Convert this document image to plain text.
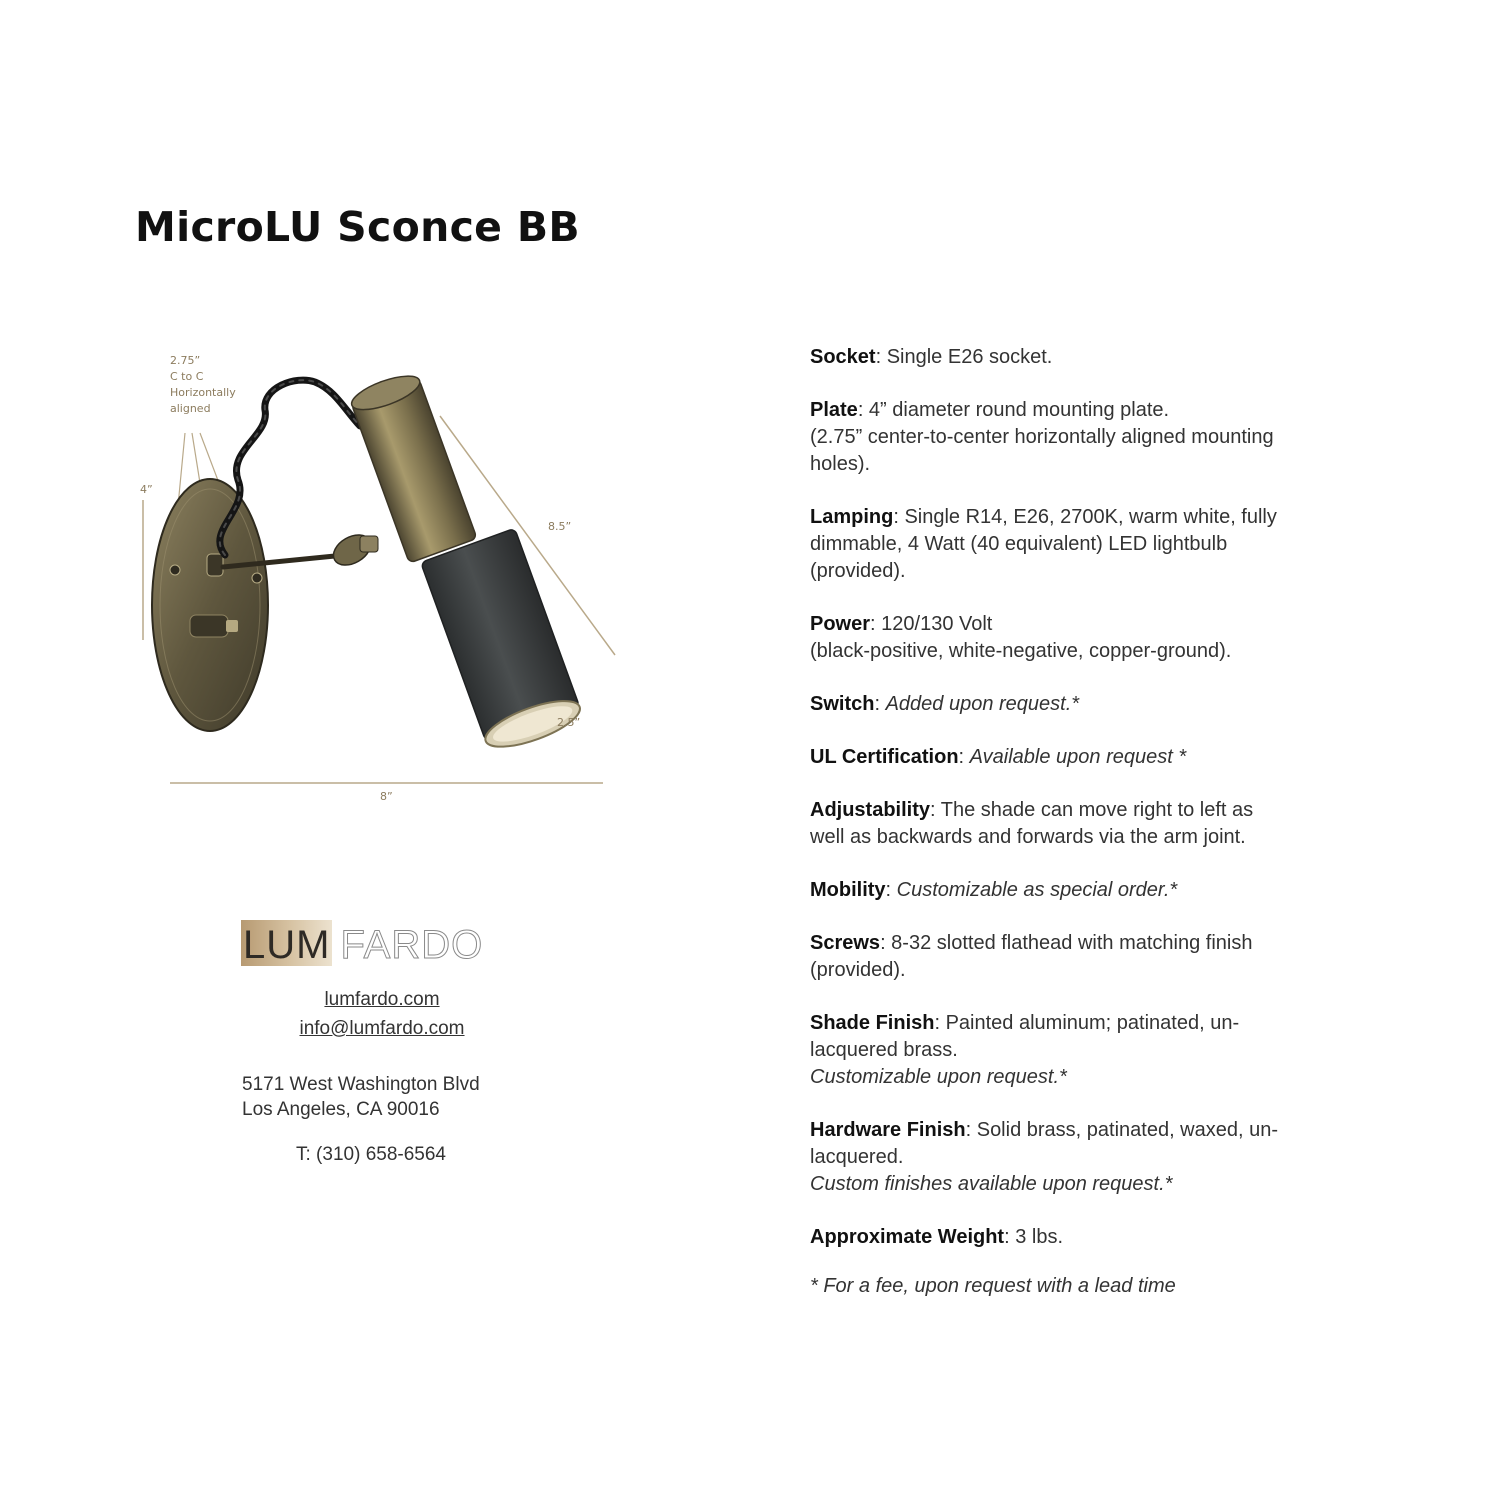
MicroLU Sconce BB
2.75”
C to C
Horizontally
aligned
4”
8.5”
2.5”
8”
LUM FARDO
lumfardo.com
info@lumfardo.com
5171 West Washington Blvd
Los Angeles, CA 90016
T: (310) 658-6564
Socket: Single E26 socket.
Plate: 4” diameter round mounting plate.
(2.75” center-to-center horizontally aligned mounting holes).
Lamping: Single R14, E26, 2700K, warm white, fully dimmable, 4 Watt (40 equivalent) LED lightbulb (provided).
Power: 120/130 Volt
(black-positive, white-negative, copper-ground).
Switch: Added upon request.*
UL Certification: Available upon request *
Adjustability: The shade can move right to left as well as backwards and forwards via the arm joint.
Mobility: Customizable as special order.*
Screws: 8-32 slotted flathead with matching finish (provided).
Shade Finish: Painted aluminum; patinated, un-lacquered brass.
Customizable upon request.*
Hardware Finish: Solid brass, patinated, waxed, un-lacquered.
Custom finishes available upon request.*
Approximate Weight: 3 lbs.
* For a fee, upon request with a lead time
